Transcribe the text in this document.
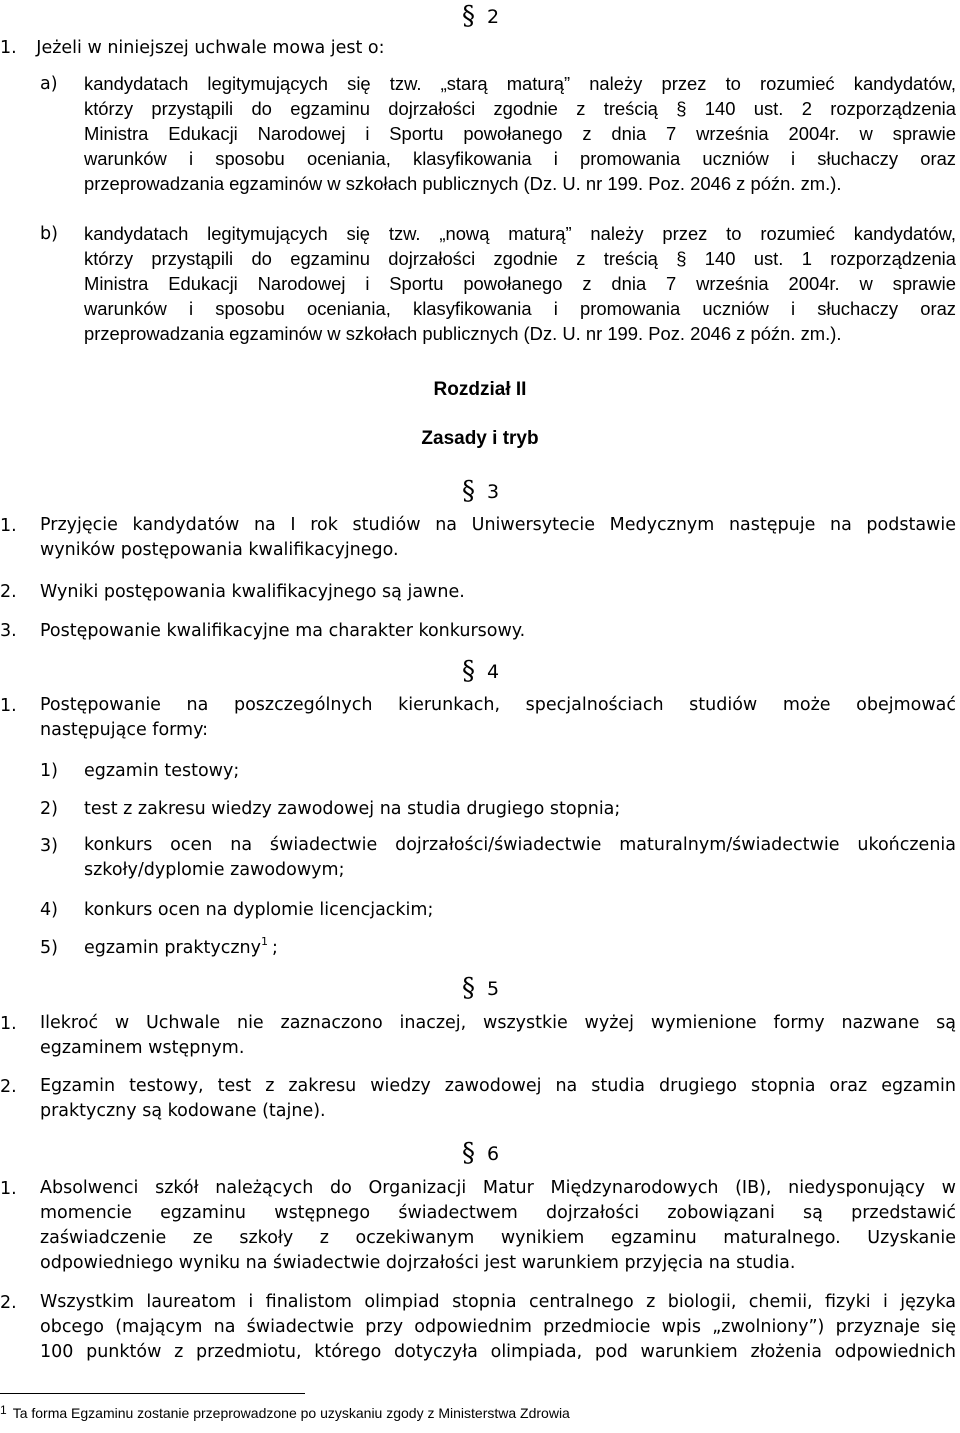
§ 2
1. Jeżeli w niniejszej uchwale mowa jest o:
a) kandydatach legitymujących się tzw. „starą maturą” należy przez to rozumieć kandydatów,
którzy przystąpili do egzaminu dojrzałości zgodnie z treścią § 140 ust. 2 rozporządzenia
Ministra Edukacji Narodowej i Sportu powołanego z dnia 7 września 2004r. w sprawie
warunków i sposobu oceniania, klasyfikowania i promowania uczniów i słuchaczy oraz
przeprowadzania egzaminów w szkołach publicznych (Dz. U. nr 199. Poz. 2046 z późn. zm.).
b) kandydatach legitymujących się tzw. „nową maturą” należy przez to rozumieć kandydatów,
którzy przystąpili do egzaminu dojrzałości zgodnie z treścią § 140 ust. 1 rozporządzenia
Ministra Edukacji Narodowej i Sportu powołanego z dnia 7 września 2004r. w sprawie
warunków i sposobu oceniania, klasyfikowania i promowania uczniów i słuchaczy oraz
przeprowadzania egzaminów w szkołach publicznych (Dz. U. nr 199. Poz. 2046 z późn. zm.).
Rozdział II
Zasady i tryb
§ 3
1. Przyjęcie kandydatów na I rok studiów na Uniwersytecie Medycznym następuje na podstawie
wyników postępowania kwalifikacyjnego.
2. Wyniki postępowania kwalifikacyjnego są jawne.
3. Postępowanie kwalifikacyjne ma charakter konkursowy.
§ 4
1. Postępowanie na poszczególnych kierunkach, specjalnościach studiów może obejmować
następujące formy:
1) egzamin testowy;
2) test z zakresu wiedzy zawodowej na studia drugiego stopnia;
3) konkurs ocen na świadectwie dojrzałości/świadectwie maturalnym/świadectwie ukończenia
szkoły/dyplomie zawodowym;
4) konkurs ocen na dyplomie licencjackim;
5) egzamin praktyczny$^1$ ;
§ 5
1. Ilekroć w Uchwale nie zaznaczono inaczej, wszystkie wyżej wymienione formy nazwane są
egzaminem wstępnym.
2. Egzamin testowy, test z zakresu wiedzy zawodowej na studia drugiego stopnia oraz egzamin
praktyczny są kodowane (tajne).
§ 6
1. Absolwenci szkół należących do Organizacji Matur Międzynarodowych (IB), niedysponujący w
momencie egzaminu wstępnego świadectwem dojrzałości zobowiązani są przedstawić
zaświadczenie ze szkoły z oczekiwanym wynikiem egzaminu maturalnego. Uzyskanie
odpowiedniego wyniku na świadectwie dojrzałości jest warunkiem przyjęcia na studia.
2. Wszystkim laureatom i finalistom olimpiad stopnia centralnego z biologii, chemii, fizyki i języka
obcego (mającym na świadectwie przy odpowiednim przedmiocie wpis „zwolniony”) przyznaje się
100 punktów z przedmiotu, którego dotyczyła olimpiada, pod warunkiem złożenia odpowiednich
$^1$ Ta forma Egzaminu zostanie przeprowadzone po uzyskaniu zgody z Ministerstwa Zdrowia
